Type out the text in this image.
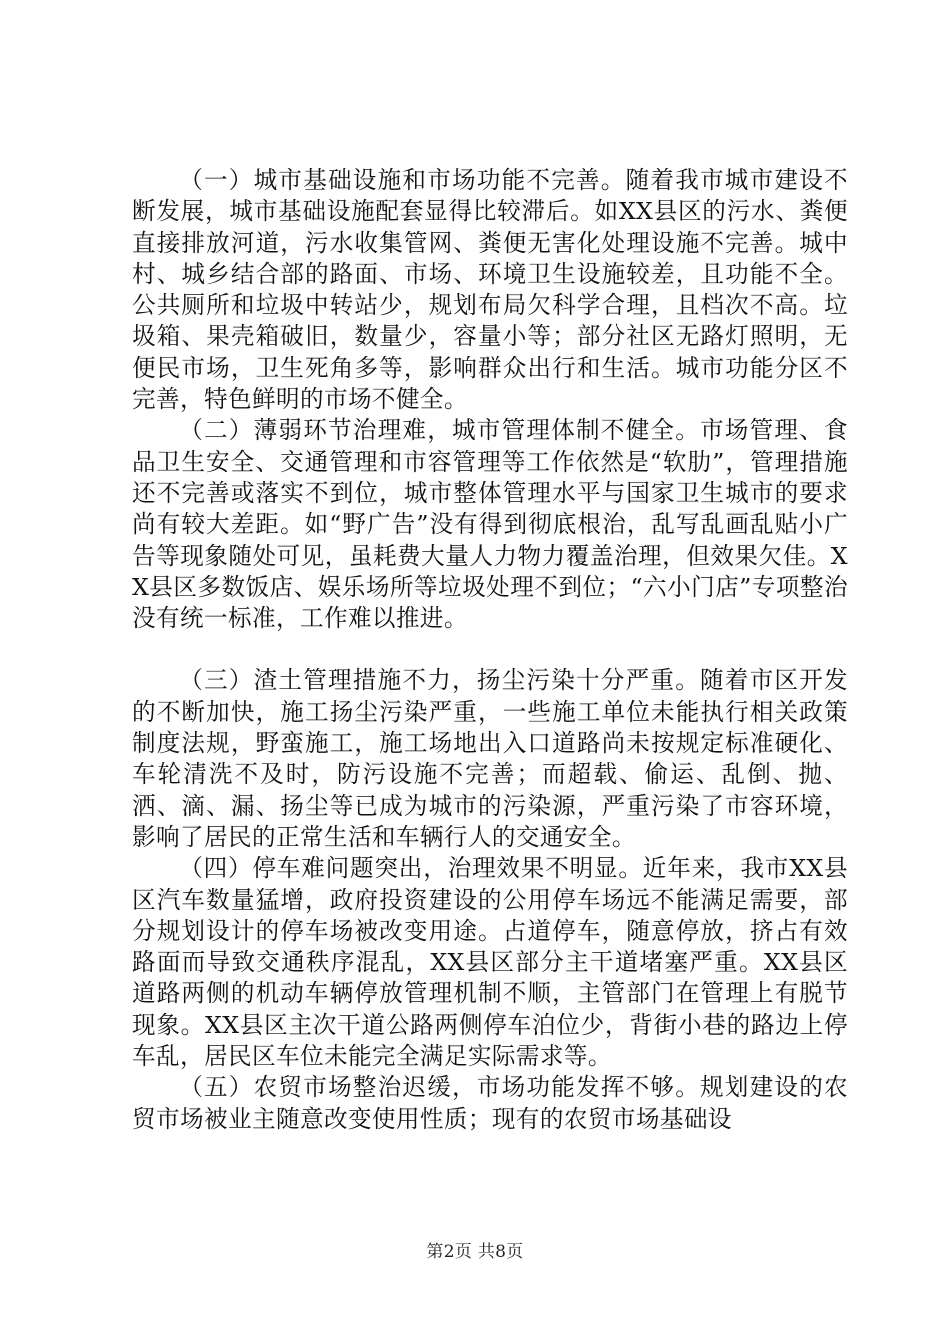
（一）城市基础设施和市场功能不完善。随着我市城市建设不断发展，城市基础设施配套显得比较滞后。如XX县区的污水、粪便直接排放河道，污水收集管网、粪便无害化处理设施不完善。城中村、城乡结合部的路面、市场、环境卫生设施较差，且功能不全。公共厕所和垃圾中转站少，规划布局欠科学合理，且档次不高。垃圾箱、果壳箱破旧，数量少，容量小等；部分社区无路灯照明，无便民市场，卫生死角多等，影响群众出行和生活。城市功能分区不完善，特色鲜明的市场不健全。

（二）薄弱环节治理难，城市管理体制不健全。市场管理、食品卫生安全、交通管理和市容管理等工作依然是“软肋”，管理措施还不完善或落实不到位，城市整体管理水平与国家卫生城市的要求尚有较大差距。如“野广告”没有得到彻底根治，乱写乱画乱贴小广告等现象随处可见，虽耗费大量人力物力覆盖治理，但效果欠佳。XX县区多数饭店、娱乐场所等垃圾处理不到位；“六小门店”专项整治没有统一标准，工作难以推进。

（三）渣土管理措施不力，扬尘污染十分严重。随着市区开发的不断加快，施工扬尘污染严重，一些施工单位未能执行相关政策制度法规，野蛮施工，施工场地出入口道路尚未按规定标准硬化、车轮清洗不及时，防污设施不完善；而超载、偷运、乱倒、抛、洒、滴、漏、扬尘等已成为城市的污染源，严重污染了市容环境，影响了居民的正常生活和车辆行人的交通安全。

（四）停车难问题突出，治理效果不明显。近年来，我市XX县区汽车数量猛增，政府投资建设的公用停车场远不能满足需要，部分规划设计的停车场被改变用途。占道停车，随意停放，挤占有效路面而导致交通秩序混乱，XX县区部分主干道堵塞严重。XX县区道路两侧的机动车辆停放管理机制不顺，主管部门在管理上有脱节现象。XX县区主次干道公路两侧停车泊位少，背街小巷的路边上停车乱，居民区车位未能完全满足实际需求等。

（五）农贸市场整治迟缓，市场功能发挥不够。规划建设的农贸市场被业主随意改变使用性质；现有的农贸市场基础设

第2页 共8页
